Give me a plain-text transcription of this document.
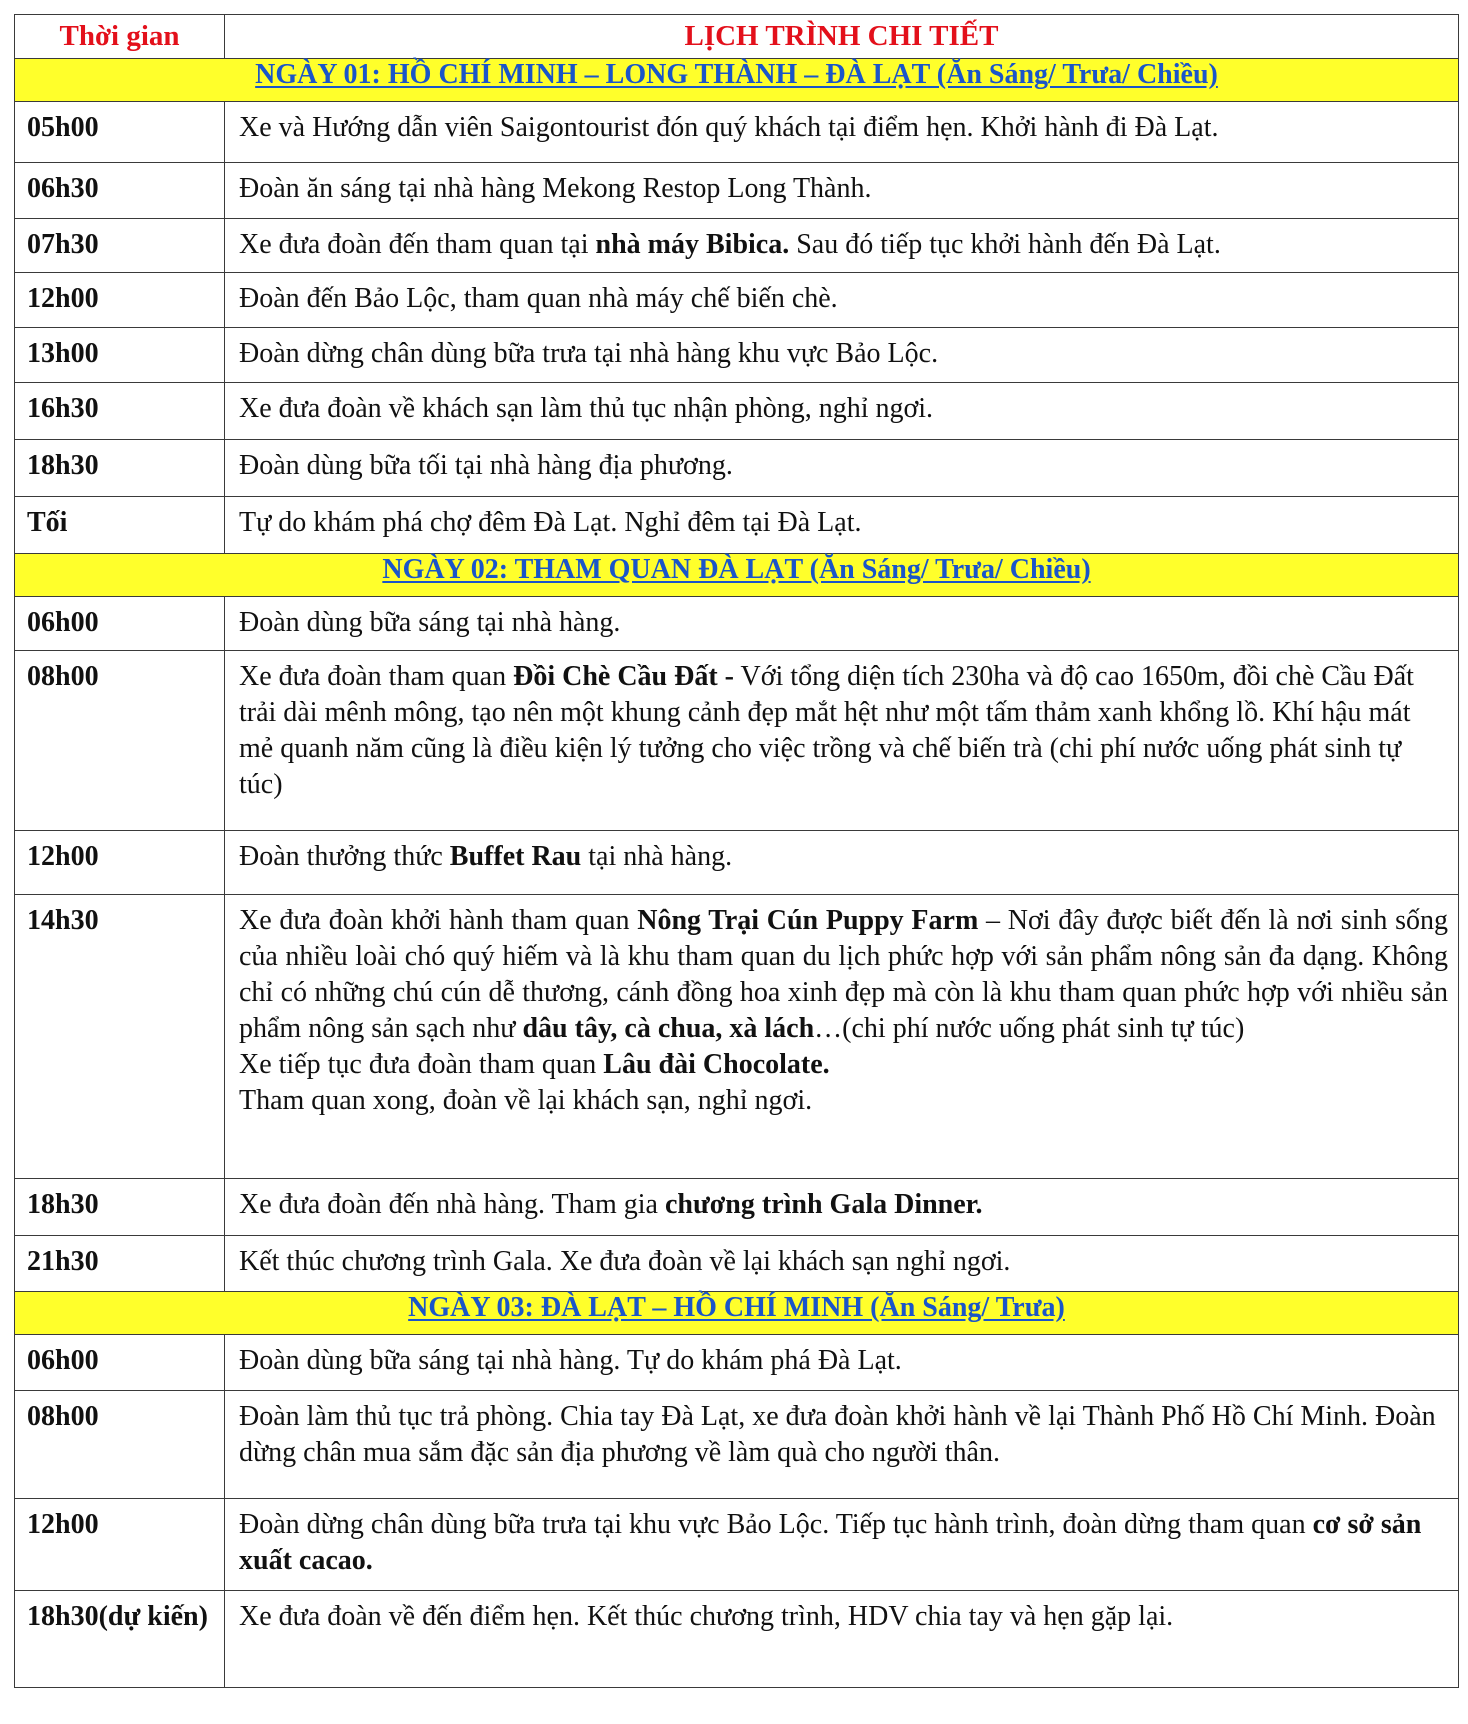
Thời gian	LỊCH TRÌNH CHI TIẾT
NGÀY 01: HỒ CHÍ MINH – LONG THÀNH – ĐÀ LẠT (Ăn Sáng/ Trưa/ Chiều)	
05h00	Xe và Hướng dẫn viên Saigontourist đón quý khách tại điểm hẹn. Khởi hành đi Đà Lạt.
06h30	Đoàn ăn sáng tại nhà hàng Mekong Restop Long Thành.
07h30	Xe đưa đoàn đến tham quan tại nhà máy Bibica. Sau đó tiếp tục khởi hành đến Đà Lạt.
12h00	Đoàn đến Bảo Lộc, tham quan nhà máy chế biến chè.
13h00	Đoàn dừng chân dùng bữa trưa tại nhà hàng khu vực Bảo Lộc.
16h30	Xe đưa đoàn về khách sạn làm thủ tục nhận phòng, nghỉ ngơi.
18h30	Đoàn dùng bữa tối tại nhà hàng địa phương.
Tối	Tự do khám phá chợ đêm Đà Lạt. Nghỉ đêm tại Đà Lạt.
NGÀY 02: THAM QUAN ĐÀ LẠT (Ăn Sáng/ Trưa/ Chiều)	
06h00	Đoàn dùng bữa sáng tại nhà hàng.
08h00	Xe đưa đoàn tham quan Đồi Chè Cầu Đất - Với tổng diện tích 230ha và độ cao 1650m, đồi chè Cầu Đất trải dài mênh mông, tạo nên một khung cảnh đẹp mắt hệt như một tấm thảm xanh khổng lồ. Khí hậu mát mẻ quanh năm cũng là điều kiện lý tưởng cho việc trồng và chế biến trà (chi phí nước uống phát sinh tự túc)
12h00	Đoàn thưởng thức Buffet Rau tại nhà hàng.
14h30	Xe đưa đoàn khởi hành tham quan Nông Trại Cún Puppy Farm – Nơi đây được biết đến là nơi sinh sống của nhiều loài chó quý hiếm và là khu tham quan du lịch phức hợp với sản phẩm nông sản đa dạng. Không chỉ có những chú cún dễ thương, cánh đồng hoa xinh đẹp mà còn là khu tham quan phức hợp với nhiều sản phẩm nông sản sạch như dâu tây, cà chua, xà lách…(chi phí nước uống phát sinh tự túc)
Xe tiếp tục đưa đoàn tham quan Lâu đài Chocolate.
Tham quan xong, đoàn về lại khách sạn, nghỉ ngơi.

18h30	Xe đưa đoàn đến nhà hàng. Tham gia chương trình Gala Dinner.
21h30	Kết thúc chương trình Gala. Xe đưa đoàn về lại khách sạn nghỉ ngơi.
NGÀY 03: ĐÀ LẠT – HỒ CHÍ MINH (Ăn Sáng/ Trưa)	
06h00	Đoàn dùng bữa sáng tại nhà hàng. Tự do khám phá Đà Lạt.
08h00	Đoàn làm thủ tục trả phòng. Chia tay Đà Lạt, xe đưa đoàn khởi hành về lại Thành Phố Hồ Chí Minh. Đoàn dừng chân mua sắm đặc sản địa phương về làm quà cho người thân.
12h00	Đoàn dừng chân dùng bữa trưa tại khu vực Bảo Lộc. Tiếp tục hành trình, đoàn dừng tham quan cơ sở sản xuất cacao.
18h30(dự kiến)	Xe đưa đoàn về đến điểm hẹn. Kết thúc chương trình, HDV chia tay và hẹn gặp lại.
